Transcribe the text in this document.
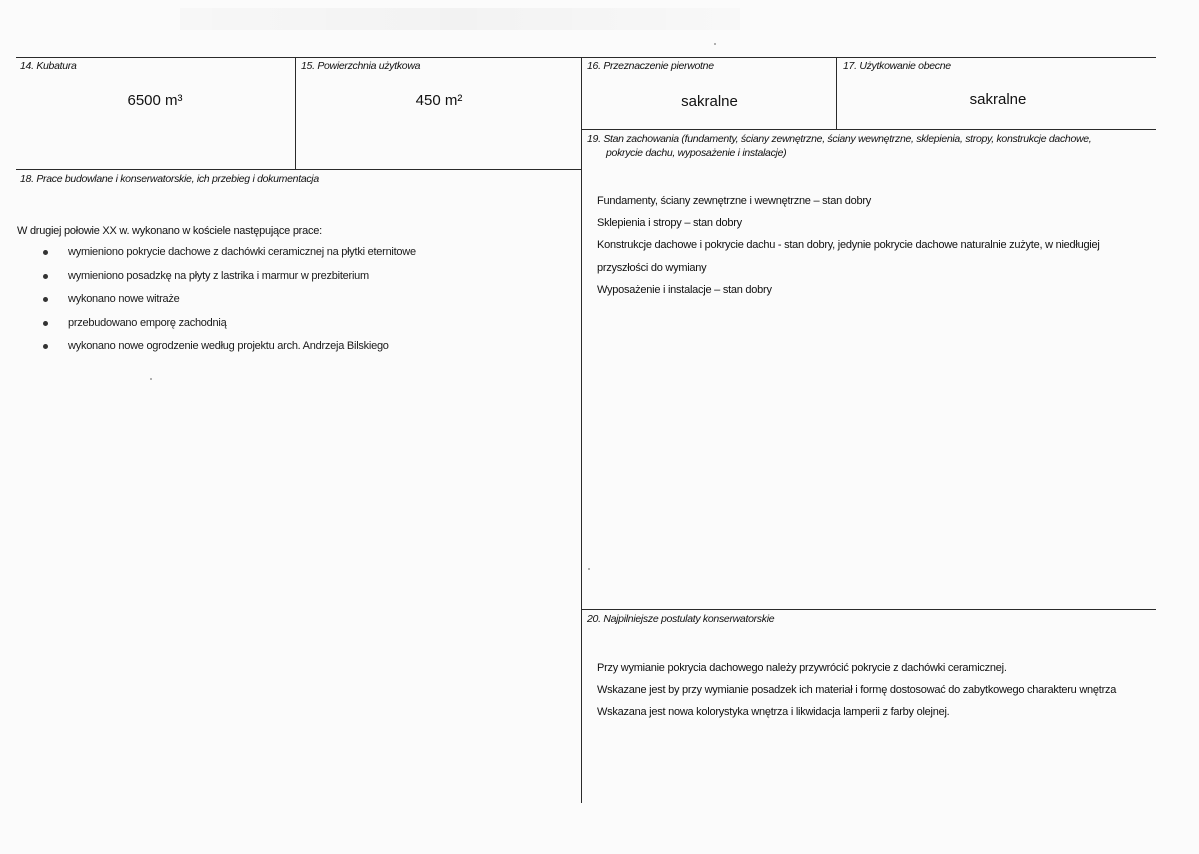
14. Kubatura
6500 m³
15. Powierzchnia użytkowa
450 m²
16. Przeznaczenie pierwotne
sakralne
17. Użytkowanie obecne
sakralne
18. Prace budowlane i konserwatorskie, ich przebieg i dokumentacja
W drugiej połowie XX w. wykonano w kościele następujące prace:
wymieniono pokrycie dachowe z dachówki ceramicznej na płytki eternitowe
wymieniono posadzkę na płyty z lastrika i marmur w prezbiterium
wykonano nowe witraże
przebudowano emporę zachodnią
wykonano nowe ogrodzenie według projektu arch. Andrzeja Bilskiego
19. Stan zachowania (fundamenty, ściany zewnętrzne, ściany wewnętrzne, sklepienia, stropy, konstrukcje dachowe,
pokrycie dachu, wyposażenie i instalacje)
Fundamenty, ściany zewnętrzne i wewnętrzne – stan dobry
Sklepienia i stropy – stan dobry
Konstrukcje dachowe i pokrycie dachu - stan dobry, jedynie pokrycie dachowe naturalnie zużyte, w niedługiej
przyszłości do wymiany
Wyposażenie i instalacje – stan dobry
20. Najpilniejsze postulaty konserwatorskie
Przy wymianie pokrycia dachowego należy przywrócić pokrycie z dachówki ceramicznej.
Wskazane jest by przy wymianie posadzek ich materiał i formę dostosować do zabytkowego charakteru wnętrza
Wskazana jest nowa kolorystyka wnętrza i likwidacja lamperii z farby olejnej.
